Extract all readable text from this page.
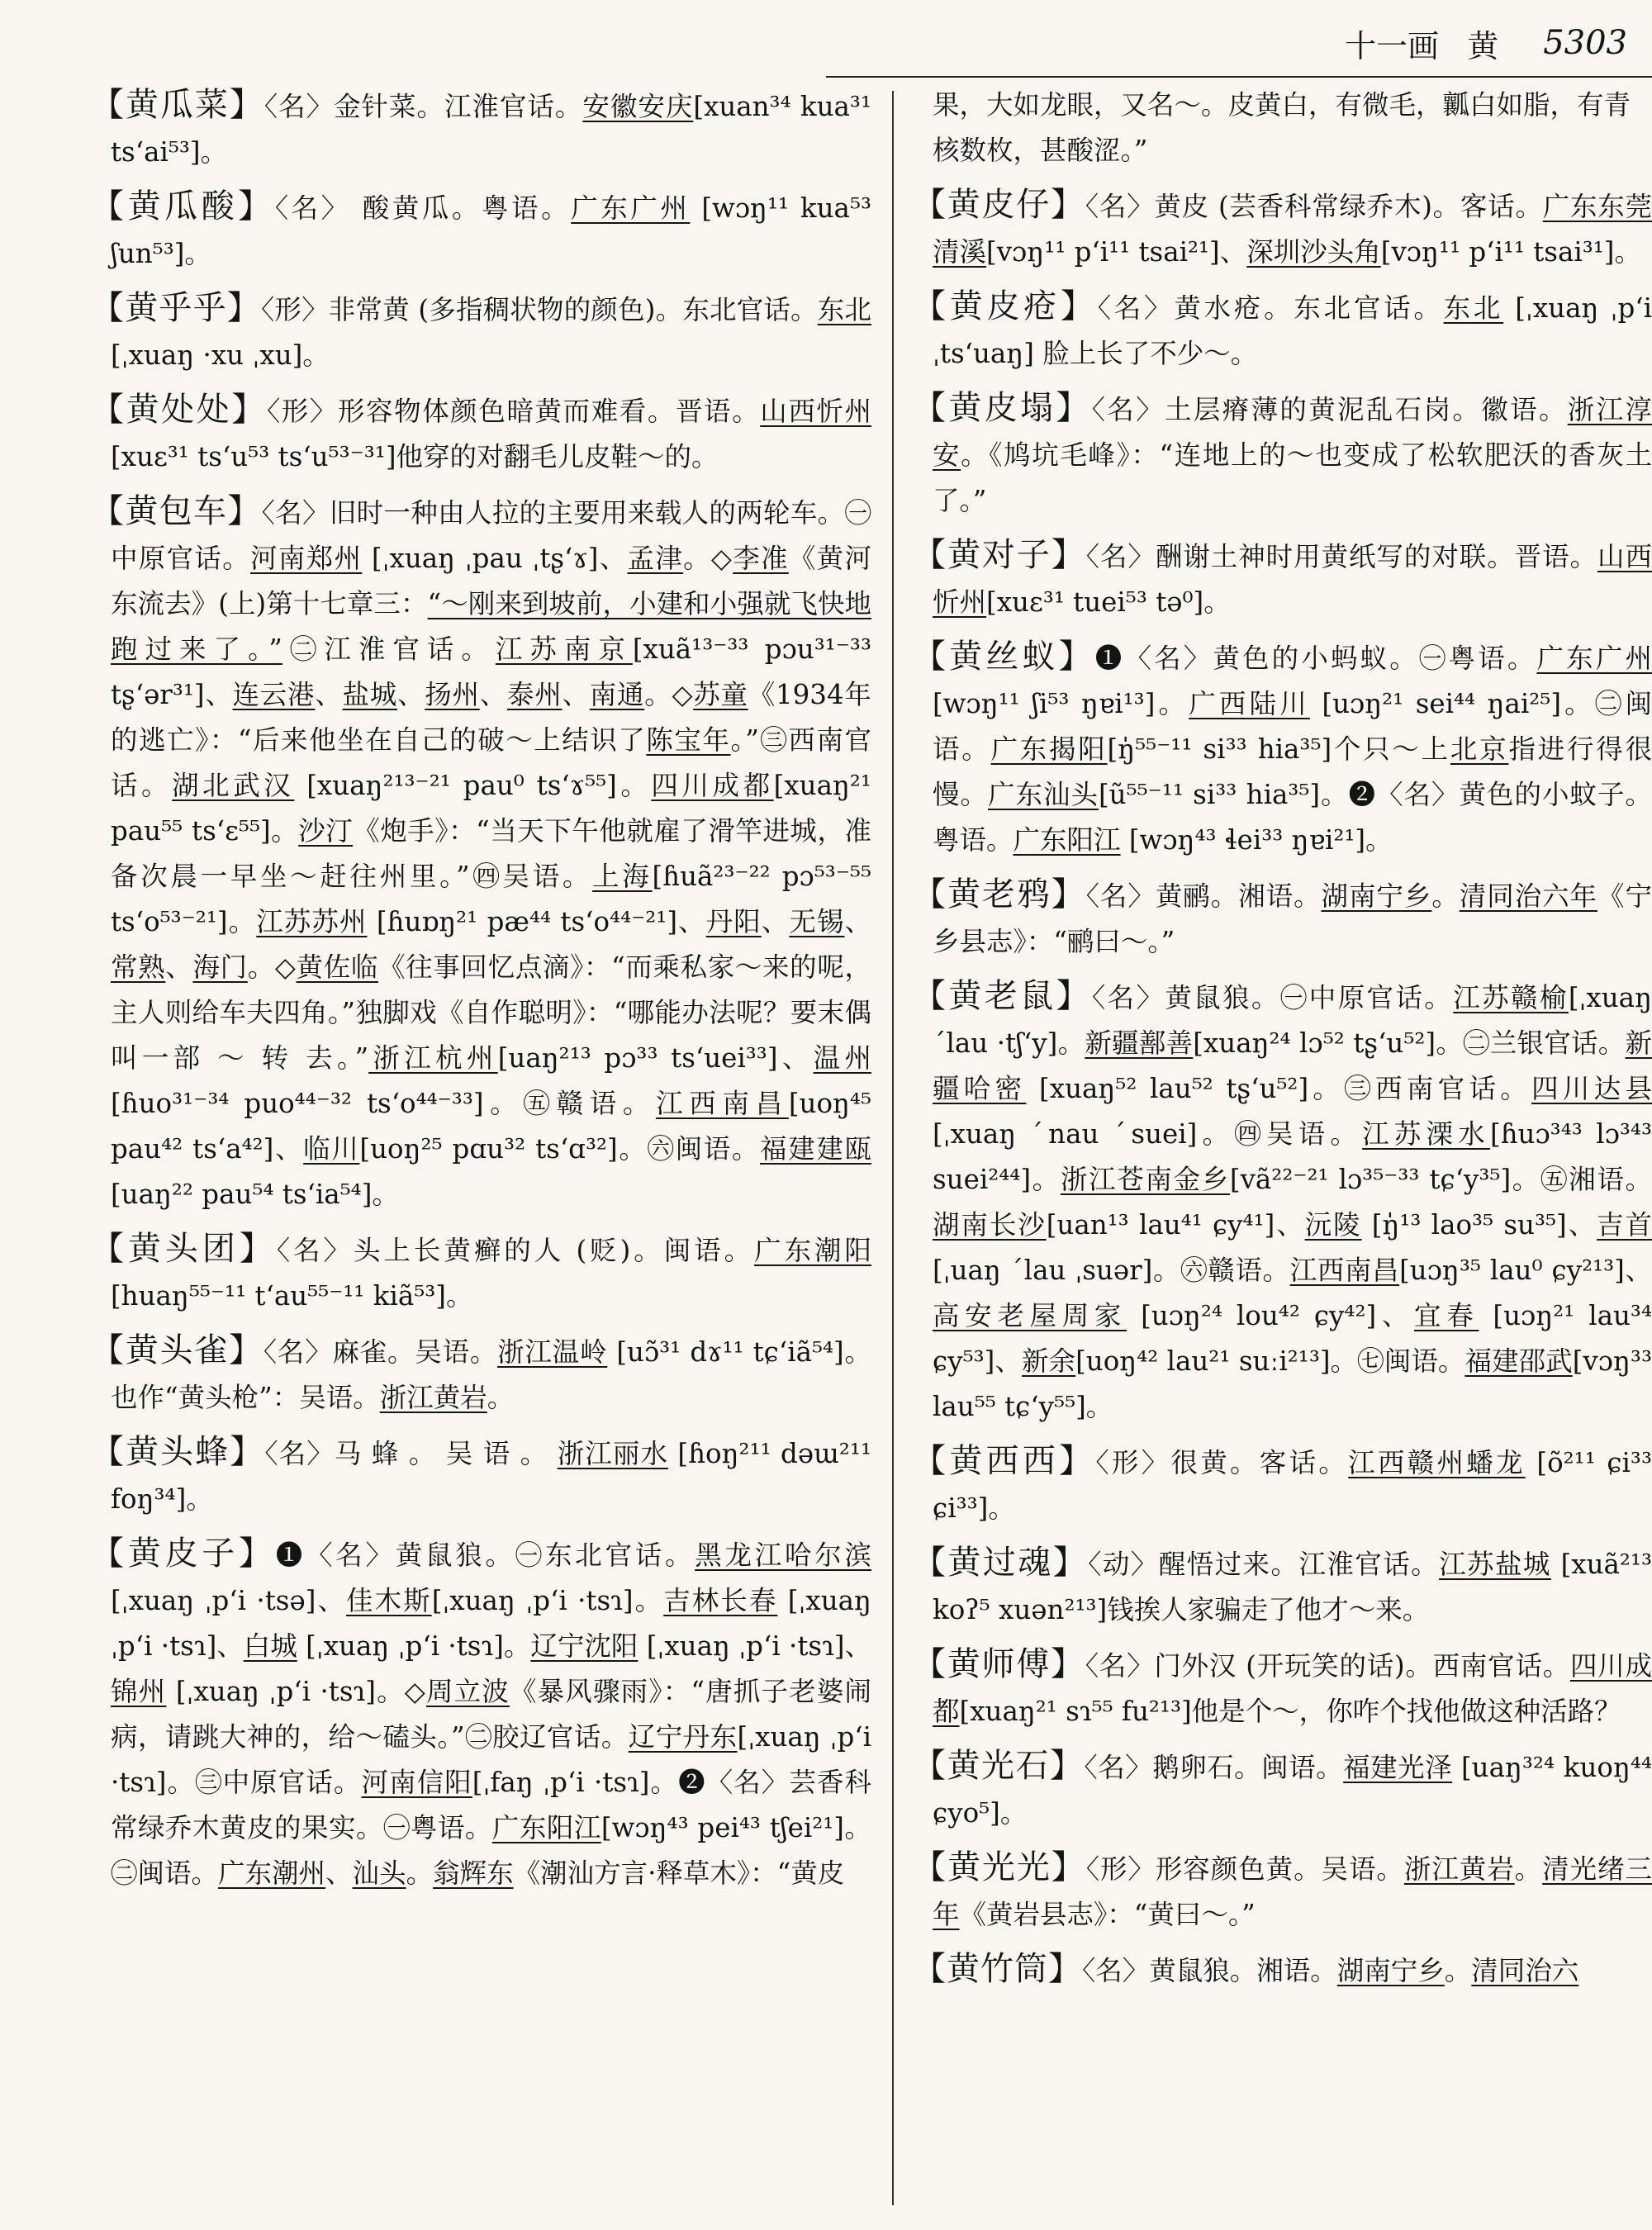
十一画 黄 5303

【黄瓜菜】〈名〉金针菜。江淮官话。安徽安庆[xuan³⁴ kua³¹ ts‘ai⁵³]。

【黄瓜酸】〈名〉 酸黄瓜。粤语。广东广州 [wɔŋ¹¹ kua⁵³ ʃun⁵³]。

【黄乎乎】〈形〉非常黄 (多指稠状物的颜色)。东北官话。东北[ˌxuaŋ ·xu ˌxu]。

【黄处处】〈形〉形容物体颜色暗黄而难看。晋语。山西忻州[xuɛ³¹ ts‘u⁵³ ts‘u⁵³⁻³¹]他穿的对翻毛儿皮鞋～的。

【黄包车】〈名〉旧时一种由人拉的主要用来载人的两轮车。㊀中原官话。河南郑州 [ˌxuaŋ ˌpau ˌtʂ‘ɤ]、孟津。◇李准《黄河东流去》(上)第十七章三：“～刚来到坡前，小建和小强就飞快地跑过来了。”㊁江淮官话。江苏南京[xuã¹³⁻³³ pɔu³¹⁻³³ tʂ‘ər³¹]、连云港、盐城、扬州、泰州、南通。◇苏童《1934年的逃亡》：“后来他坐在自己的破～上结识了陈宝年。”㊂西南官话。湖北武汉 [xuaŋ²¹³⁻²¹ pau⁰ ts‘ɤ⁵⁵]。四川成都[xuaŋ²¹ pau⁵⁵ ts‘ɛ⁵⁵]。沙汀《炮手》：“当天下午他就雇了滑竿进城，准备次晨一早坐～赶往州里。”㊃吴语。上海[ɦuã²³⁻²² pɔ⁵³⁻⁵⁵ ts‘o⁵³⁻²¹]。江苏苏州 [ɦuɒŋ²¹ pæ⁴⁴ ts‘o⁴⁴⁻²¹]、丹阳、无锡、常熟、海门。◇黄佐临《往事回忆点滴》：“而乘私家～来的呢，主人则给车夫四角。”独脚戏《自作聪明》：“哪能办法呢？要末偶叫一部 ～ 转 去。”浙江杭州[uaŋ²¹³ pɔ³³ ts‘uei³³]、温州 [ɦuo³¹⁻³⁴ puo⁴⁴⁻³² ts‘o⁴⁴⁻³³]。㊄赣语。江西南昌[uoŋ⁴⁵ pau⁴² ts‘a⁴²]、临川[uoŋ²⁵ pɑu³² ts‘ɑ³²]。㊅闽语。福建建瓯[uaŋ²² pau⁵⁴ ts‘ia⁵⁴]。

【黄头团】〈名〉头上长黄癣的人 (贬)。闽语。广东潮阳[huaŋ⁵⁵⁻¹¹ t‘au⁵⁵⁻¹¹ kiã⁵³]。

【黄头雀】〈名〉麻雀。吴语。浙江温岭 [uɔ̃³¹ dɤ¹¹ tɕ‘iã⁵⁴]。也作“黄头枪”：吴语。浙江黄岩。

【黄头蜂】〈名〉马 蜂 。 吴 语 。 浙江丽水 [ɦoŋ²¹¹ dəɯ²¹¹ foŋ³⁴]。

【黄皮子】❶〈名〉黄鼠狼。㊀东北官话。黑龙江哈尔滨[ˌxuaŋ ˌp‘i ·tsə]、佳木斯[ˌxuaŋ ˌp‘i ·tsɿ]。吉林长春 [ˌxuaŋ ˌp‘i ·tsɿ]、白城 [ˌxuaŋ ˌp‘i ·tsɿ]。辽宁沈阳 [ˌxuaŋ ˌp‘i ·tsɿ]、 锦州 [ˌxuaŋ ˌp‘i ·tsɿ]。◇周立波《暴风骤雨》：“唐抓子老婆闹病，请跳大神的，给～磕头。”㊁胶辽官话。辽宁丹东[ˌxuaŋ ˌp‘i ·tsɿ]。㊂中原官话。河南信阳[ˌfaŋ ˌp‘i ·tsɿ]。❷〈名〉芸香科常绿乔木黄皮的果实。㊀粤语。广东阳江[wɔŋ⁴³ pei⁴³ tʃei²¹]。㊁闽语。广东潮州、汕头。翁辉东《潮汕方言·释草木》：“黄皮

果，大如龙眼，又名～。皮黄白，有微毛，瓤白如脂，有青核数枚，甚酸涩。”

【黄皮仔】〈名〉黄皮 (芸香科常绿乔木)。客话。广东东莞清溪[vɔŋ¹¹ p‘i¹¹ tsai²¹]、深圳沙头角[vɔŋ¹¹ p‘i¹¹ tsai³¹]。

【黄皮疮】〈名〉黄水疮。东北官话。东北 [ˌxuaŋ ˌp‘i ˌts‘uaŋ] 脸上长了不少～。

【黄皮塌】〈名〉土层瘠薄的黄泥乱石岗。徽语。浙江淳安。《鸠坑毛峰》：“连地上的～也变成了松软肥沃的香灰土了。”

【黄对子】〈名〉酬谢土神时用黄纸写的对联。晋语。山西忻州[xuɛ³¹ tuei⁵³ tə⁰]。

【黄丝蚁】❶〈名〉黄色的小蚂蚁。㊀粤语。广东广州[wɔŋ¹¹ ʃi⁵³ ŋɐi¹³]。广西陆川 [uɔŋ²¹ sei⁴⁴ ŋai²⁵]。㊁闽语。广东揭阳[ŋ̍⁵⁵⁻¹¹ si³³ hia³⁵]个只～上北京指进行得很慢。广东汕头[ũ⁵⁵⁻¹¹ si³³ hia³⁵]。❷〈名〉黄色的小蚊子。粤语。广东阳江 [wɔŋ⁴³ ɬei³³ ŋɐi²¹]。

【黄老鸦】〈名〉黄鹂。湘语。湖南宁乡。清同治六年《宁乡县志》：“鹂曰～。”

【黄老鼠】〈名〉黄鼠狼。㊀中原官话。江苏赣榆[ˌxuaŋ ˊlau ·tʃ‘y]。新疆鄯善[xuaŋ²⁴ lɔ⁵² tʂ‘u⁵²]。㊁兰银官话。新疆哈密 [xuaŋ⁵² lau⁵² tʂ‘u⁵²]。㊂西南官话。四川达县[ˌxuaŋ ˊnau ˊsuei]。㊃吴语。江苏溧水[ɦuɔ³⁴³ lɔ³⁴³ suei²⁴⁴]。浙江苍南金乡[vã²²⁻²¹ lɔ³⁵⁻³³ tɕ‘y³⁵]。㊄湘语。湖南长沙[uan¹³ lau⁴¹ ɕy⁴¹]、沅陵 [ŋ̍¹³ lao³⁵ su³⁵]、吉首 [ˌuaŋ ˊlau ˌsuər]。㊅赣语。江西南昌[uɔŋ³⁵ lau⁰ ɕy²¹³]、高安老屋周家 [uɔŋ²⁴ lou⁴² ɕy⁴²]、宜春 [uɔŋ²¹ lau³⁴ ɕy⁵³]、新余[uoŋ⁴² lau²¹ suːi²¹³]。㊆闽语。福建邵武[vɔŋ³³ lau⁵⁵ tɕ‘y⁵⁵]。

【黄西西】〈形〉很黄。客话。江西赣州蟠龙 [õ²¹¹ ɕi³³ ɕi³³]。

【黄过魂】〈动〉醒悟过来。江淮官话。江苏盐城 [xuã²¹³ koʔ⁵ xuən²¹³]钱挨人家骗走了他才～来。

【黄师傅】〈名〉门外汉 (开玩笑的话)。西南官话。四川成都[xuaŋ²¹ sɿ⁵⁵ fu²¹³]他是个～，你咋个找他做这种活路？

【黄光石】〈名〉鹅卵石。闽语。福建光泽 [uaŋ³²⁴ kuoŋ⁴⁴ ɕyo⁵]。

【黄光光】〈形〉形容颜色黄。吴语。浙江黄岩。清光绪三年《黄岩县志》：“黄曰～。”

【黄竹筒】〈名〉黄鼠狼。湘语。湖南宁乡。清同治六
